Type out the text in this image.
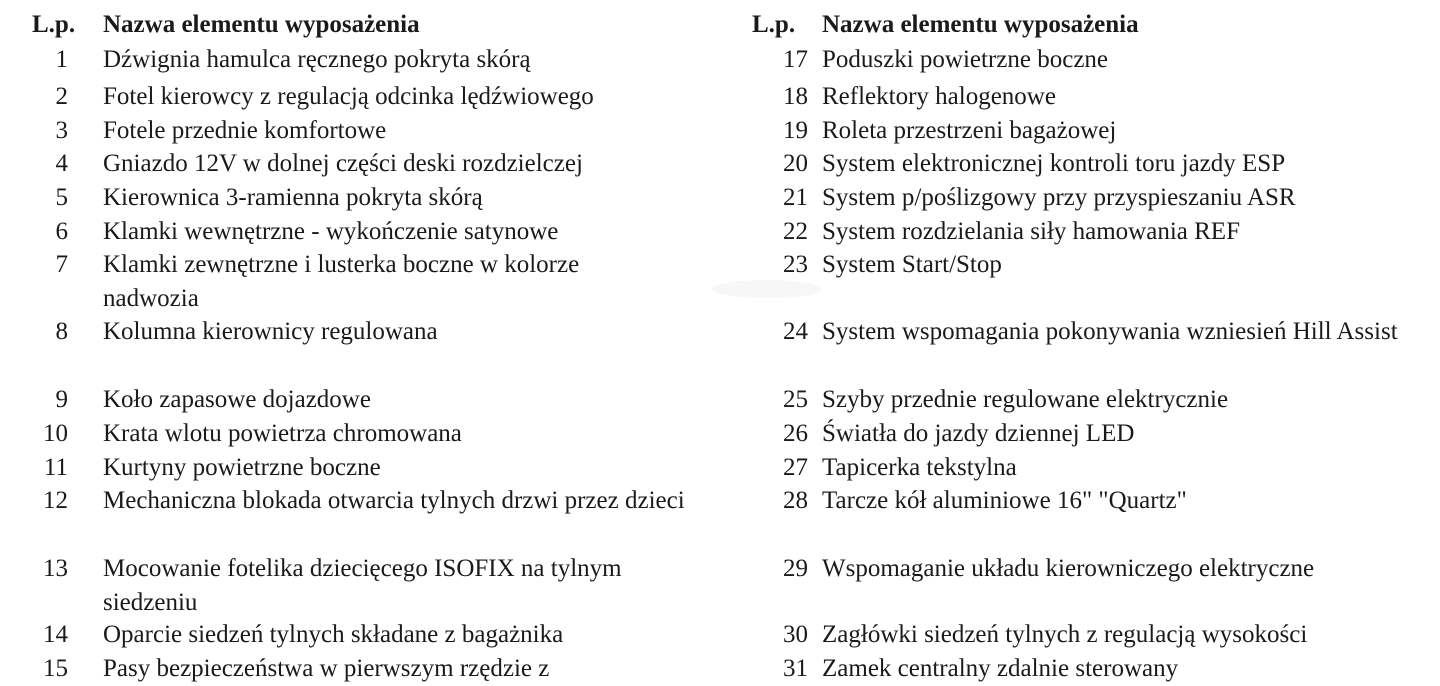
L.p. Nazwa elementu wyposażenia
1 Dźwignia hamulca ręcznego pokryta skórą
2 Fotel kierowcy z regulacją odcinka lędźwiowego
3 Fotele przednie komfortowe
4 Gniazdo 12V w dolnej części deski rozdzielczej
5 Kierownica 3-ramienna pokryta skórą
6 Klamki wewnętrzne - wykończenie satynowe
7 Klamki zewnętrzne i lusterka boczne w kolorze nadwozia
8 Kolumna kierownicy regulowana
9 Koło zapasowe dojazdowe
10 Krata wlotu powietrza chromowana
11 Kurtyny powietrzne boczne
12 Mechaniczna blokada otwarcia tylnych drzwi przez dzieci
13 Mocowanie fotelika dziecięcego ISOFIX na tylnym siedzeniu
14 Oparcie siedzeń tylnych składane z bagażnika
15 Pasy bezpieczeństwa w pierwszym rzędzie z
L.p. Nazwa elementu wyposażenia
17 Poduszki powietrzne boczne
18 Reflektory halogenowe
19 Roleta przestrzeni bagażowej
20 System elektronicznej kontroli toru jazdy ESP
21 System p/poślizgowy przy przyspieszaniu ASR
22 System rozdzielania siły hamowania REF
23 System Start/Stop
24 System wspomagania pokonywania wzniesień Hill Assist
25 Szyby przednie regulowane elektrycznie
26 Światła do jazdy dziennej LED
27 Tapicerka tekstylna
28 Tarcze kół aluminiowe 16" "Quartz"
29 Wspomaganie układu kierowniczego elektryczne
30 Zagłówki siedzeń tylnych z regulacją wysokości
31 Zamek centralny zdalnie sterowany
